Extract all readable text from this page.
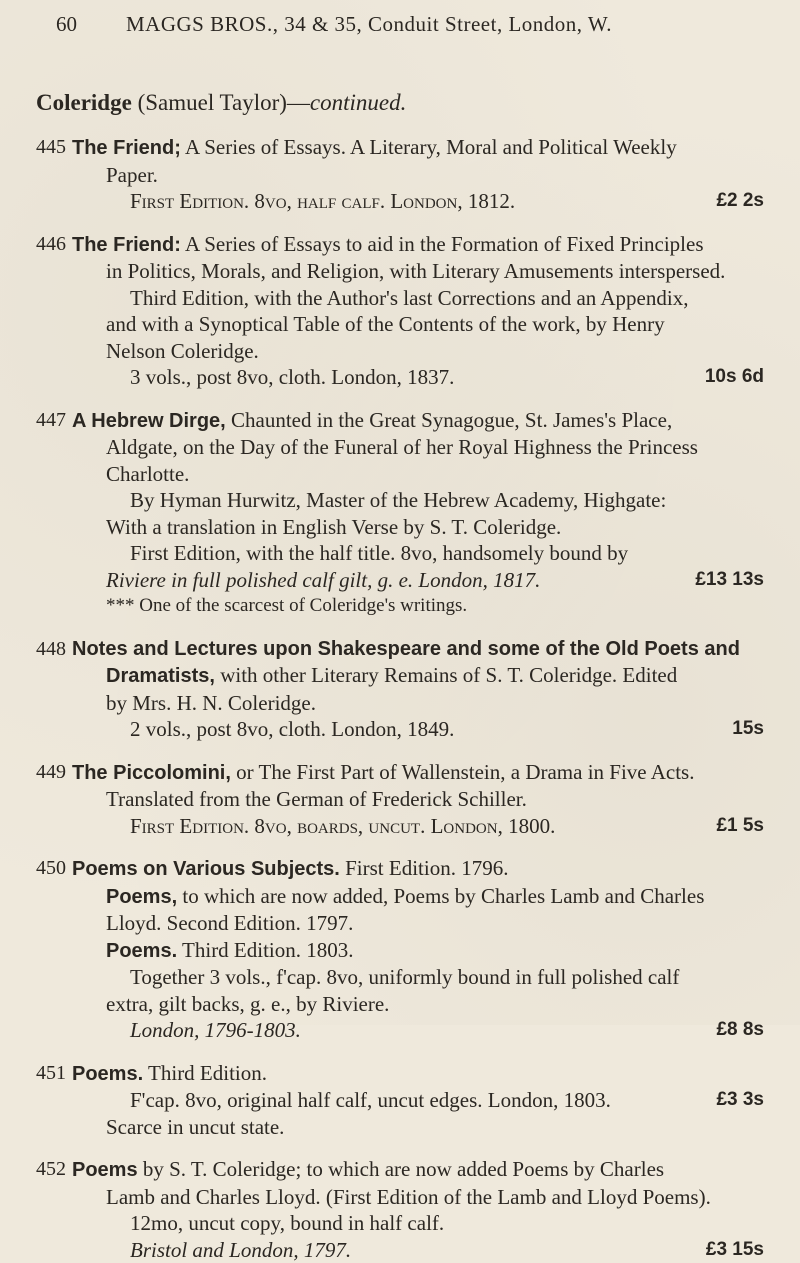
60	MAGGS BROS., 34 & 35, Conduit Street, London, W.
Coleridge (Samuel Taylor)—continued.
445 The Friend; A Series of Essays. A Literary, Moral and Political Weekly
Paper.
First Edition. 8vo, half calf. London, 1812.	£2 2s
446 The Friend: A Series of Essays to aid in the Formation of Fixed Principles
in Politics, Morals, and Religion, with Literary Amusements interspersed.
Third Edition, with the Author's last Corrections and an Appendix,
and with a Synoptical Table of the Contents of the work, by Henry
Nelson Coleridge.
3 vols., post 8vo, cloth. London, 1837.	10s 6d
447 A Hebrew Dirge, Chaunted in the Great Synagogue, St. James's Place,
Aldgate, on the Day of the Funeral of her Royal Highness the Princess
Charlotte.
By Hyman Hurwitz, Master of the Hebrew Academy, Highgate:
With a translation in English Verse by S. T. Coleridge.
First Edition, with the half title. 8vo, handsomely bound by
Riviere in full polished calf gilt, g. e. London, 1817.	£13 13s
*** One of the scarcest of Coleridge's writings.
448 Notes and Lectures upon Shakespeare and some of the Old Poets and
Dramatists, with other Literary Remains of S. T. Coleridge. Edited
by Mrs. H. N. Coleridge.
2 vols., post 8vo, cloth. London, 1849.	15s
449 The Piccolomini, or The First Part of Wallenstein, a Drama in Five Acts.
Translated from the German of Frederick Schiller.
First Edition. 8vo, boards, uncut. London, 1800.	£1 5s
450 Poems on Various Subjects. First Edition. 1796.
Poems, to which are now added, Poems by Charles Lamb and Charles
Lloyd. Second Edition. 1797.
Poems. Third Edition. 1803.
Together 3 vols., f'cap. 8vo, uniformly bound in full polished calf
extra, gilt backs, g. e., by Riviere.
London, 1796-1803.	£8 8s
451 Poems. Third Edition.
F'cap. 8vo, original half calf, uncut edges. London, 1803.	£3 3s
Scarce in uncut state.
452 Poems by S. T. Coleridge; to which are now added Poems by Charles
Lamb and Charles Lloyd. (First Edition of the Lamb and Lloyd Poems).
12mo, uncut copy, bound in half calf.
Bristol and London, 1797.	£3 15s
